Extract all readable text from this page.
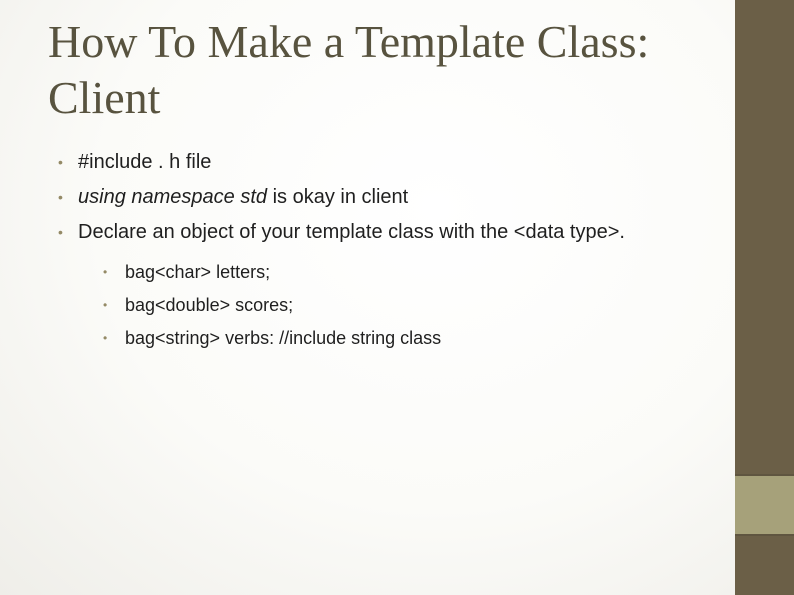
How To Make a Template Class: Client
• #include . h file
• using namespace std is okay in client
• Declare an object of your template class with the <data type>.
• bag<char> letters;
• bag<double> scores;
• bag<string> verbs: //include string class
